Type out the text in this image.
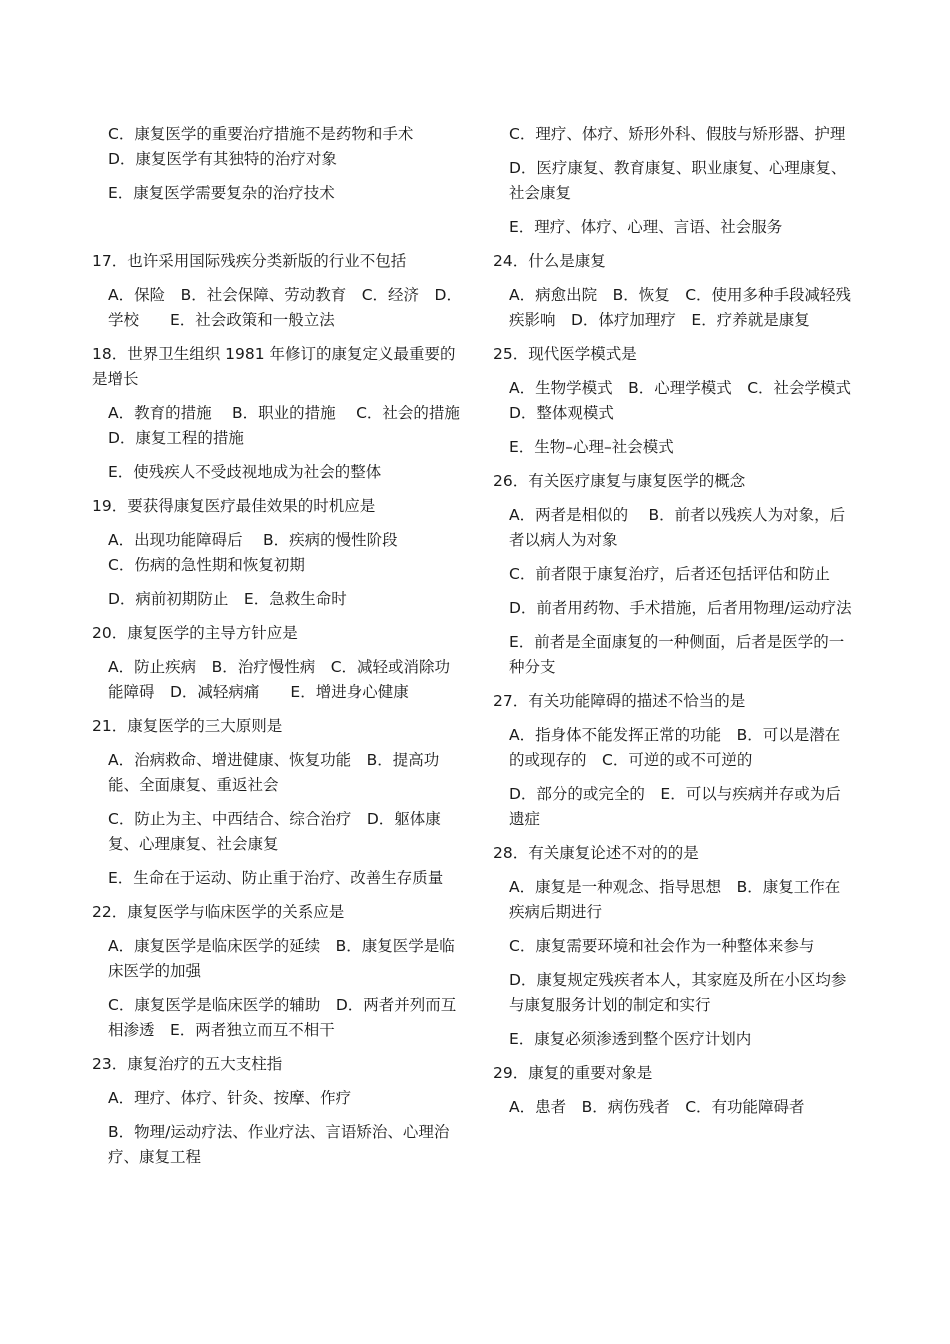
C．康复医学的重要治疗措施不是药物和手术

D．康复医学有其独特的治疗对象

E．康复医学需要复杂的治疗技术

17．也许采用国际残疾分类新版的行业不包括

A．保险　B．社会保障、劳动教育　C．经济　D．学校　　E．社会政策和一般立法

18．世界卫生组织 1981 年修订的康复定义最重要的是增长

A．教育的措施　 B．职业的措施　 C．社会的措施　D．康复工程的措施

E．使残疾人不受歧视地成为社会的整体

19．要获得康复医疗最佳效果的时机应是

A．出现功能障碍后　 B．疾病的慢性阶段

C．伤病的急性期和恢复初期

D．病前初期防止　E．急救生命时

20．康复医学的主导方针应是

A．防止疾病　B．治疗慢性病　C．减轻或消除功能障碍　D．减轻病痛　　E．增进身心健康

21．康复医学的三大原则是

A．治病救命、增进健康、恢复功能　B．提高功能、全面康复、重返社会

C．防止为主、中西结合、综合治疗　D．躯体康复、心理康复、社会康复

E．生命在于运动、防止重于治疗、改善生存质量

22．康复医学与临床医学的关系应是

A．康复医学是临床医学的延续　B．康复医学是临床医学的加强

C．康复医学是临床医学的辅助　D．两者并列而互相渗透　E．两者独立而互不相干

23．康复治疗的五大支柱指

A．理疗、体疗、针灸、按摩、作疗

B．物理/运动疗法、作业疗法、言语矫治、心理治疗、康复工程

C．理疗、体疗、矫形外科、假肢与矫形器、护理

D．医疗康复、教育康复、职业康复、心理康复、社会康复

E．理疗、体疗、心理、言语、社会服务

24．什么是康复

A．病愈出院　B．恢复　C．使用多种手段减轻残疾影响　D．体疗加理疗　E．疗养就是康复

25．现代医学模式是

A．生物学模式　B．心理学模式　C．社会学模式　D．整体观模式

E．生物–心理–社会模式

26．有关医疗康复与康复医学的概念

A．两者是相似的　 B．前者以残疾人为对象，后者以病人为对象

C．前者限于康复治疗，后者还包括评估和防止

D．前者用药物、手术措施，后者用物理/运动疗法

E．前者是全面康复的一种侧面，后者是医学的一种分支

27．有关功能障碍的描述不恰当的是

A．指身体不能发挥正常的功能　B．可以是潜在的或现存的　C．可逆的或不可逆的

D．部分的或完全的　E．可以与疾病并存或为后遗症

28．有关康复论述不对的的是

A．康复是一种观念、指导思想　B．康复工作在疾病后期进行

C．康复需要环境和社会作为一种整体来参与

D．康复规定残疾者本人，其家庭及所在小区均参与康复服务计划的制定和实行

E．康复必须渗透到整个医疗计划内

29．康复的重要对象是

A．患者　B．病伤残者　C．有功能障碍者
